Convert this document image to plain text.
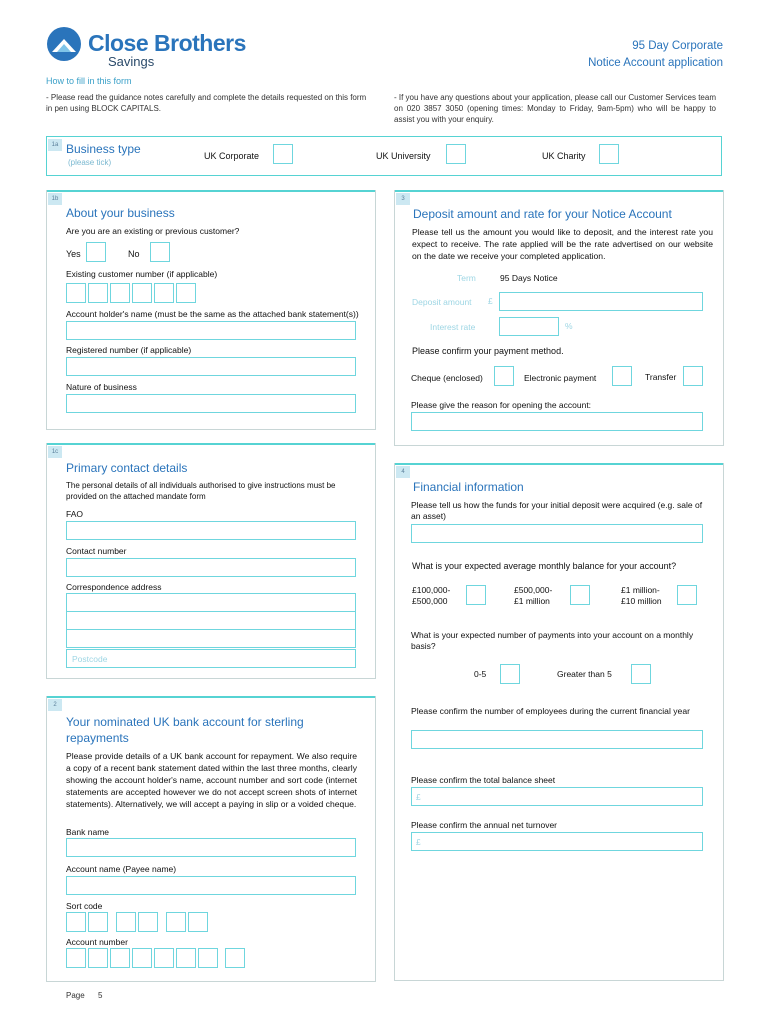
Close Brothers
Savings
95 Day Corporate
Notice Account application
How to fill in this form
- Please read the guidance notes carefully and complete the details requested on this form in pen using BLOCK CAPITALS.
- If you have any questions about your application, please call our Customer Services team on 020 3857 3050 (opening times: Monday to Friday, 9am-5pm) who will be happy to assist you with your enquiry.
1a Business type
(please tick)
UK Corporate	UK University	UK Charity
1b
About your business
Are you are an existing or previous customer?
Yes	No
Existing customer number (if applicable)
Account holder's name (must be the same as the attached bank statement(s))
Registered number (if applicable)
Nature of business
1c
Primary contact details
The personal details of all individuals authorised to give instructions must be provided on the attached mandate form
FAO
Contact number
Correspondence address
Postcode
2
Your nominated UK bank account for sterling
repayments
Please provide details of a UK bank account for repayment. We also require a copy of a recent bank statement dated within the last three months, clearly showing the account holder's name, account number and sort code (internet statements are accepted however we do not accept screen shots of internet statements). Alternatively, we will accept a paying in slip or a voided cheque.
Bank name
Account name (Payee name)
Sort code
Account number
3
Deposit amount and rate for your Notice Account
Please tell us the amount you would like to deposit, and the interest rate you expect to receive. The rate applied will be the rate advertised on our website on the date we receive your completed application.
Term	95 Days Notice
Deposit amount £
Interest rate	%
Please confirm your payment method.
Cheque (enclosed)	Electronic payment	Transfer
Please give the reason for opening the account:
4
Financial information
Please tell us how the funds for your initial deposit were acquired (e.g. sale of an asset)
What is your expected average monthly balance for your account?
£100,000-
£500,000
£500,000-
£1 million
£1 million-
£10 million
What is your expected number of payments into your account on a monthly basis?
0-5	Greater than 5
Please confirm the number of employees during the current financial year
Please confirm the total balance sheet
£
Please confirm the annual net turnover
£
Page 5
